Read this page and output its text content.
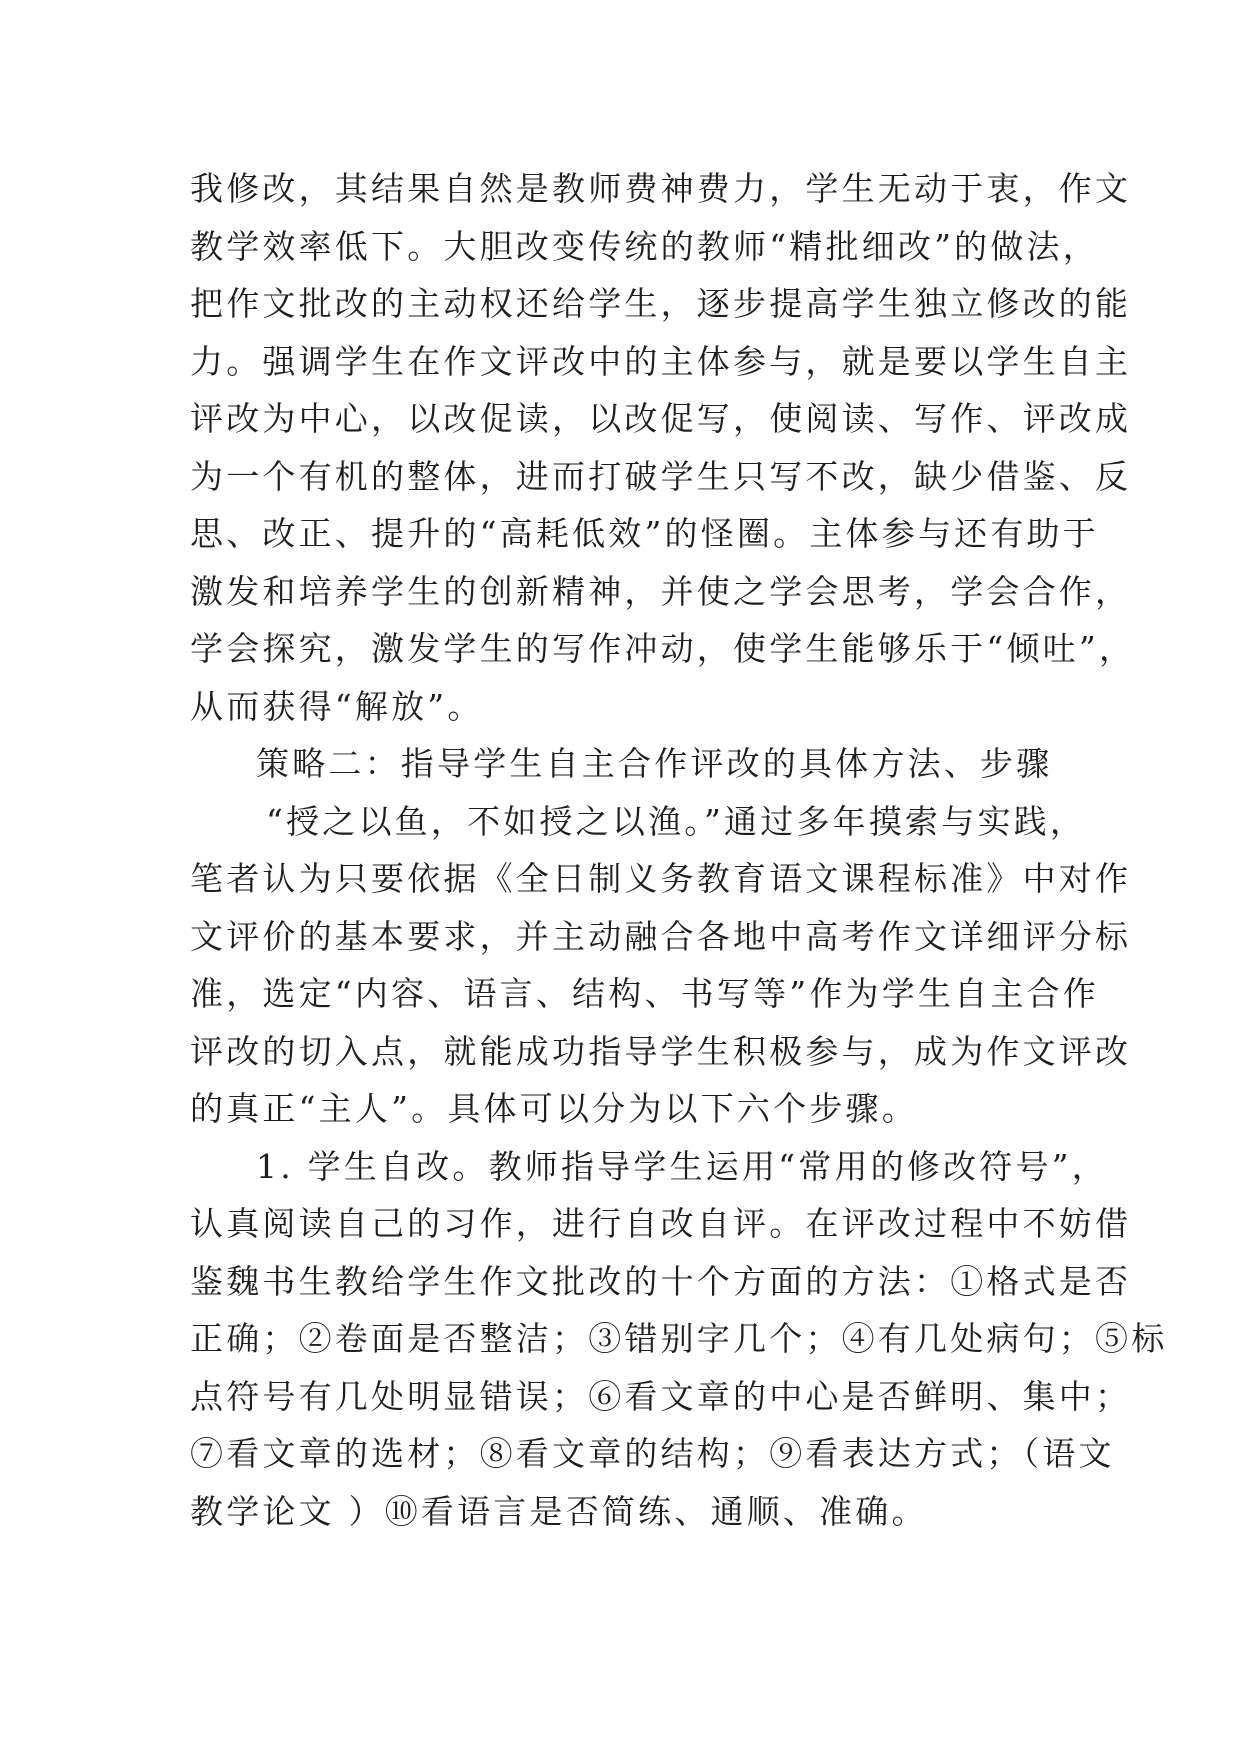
我修改，其结果自然是教师费神费力，学生无动于衷，作文
教学效率低下。大胆改变传统的教师“精批细改”的做法，
把作文批改的主动权还给学生，逐步提高学生独立修改的能
力。强调学生在作文评改中的主体参与，就是要以学生自主
评改为中心，以改促读，以改促写，使阅读、写作、评改成
为一个有机的整体，进而打破学生只写不改，缺少借鉴、反
思、改正、提升的“高耗低效”的怪圈。主体参与还有助于
激发和培养学生的创新精神，并使之学会思考，学会合作，
学会探究，激发学生的写作冲动，使学生能够乐于“倾吐”，
从而获得“解放”。
策略二：指导学生自主合作评改的具体方法、步骤
“授之以鱼，不如授之以渔。”通过多年摸索与实践，
笔者认为只要依据《全日制义务教育语文课程标准》中对作
文评价的基本要求，并主动融合各地中高考作文详细评分标
准，选定“内容、语言、结构、书写等”作为学生自主合作
评改的切入点，就能成功指导学生积极参与，成为作文评改
的真正“主人”。具体可以分为以下六个步骤。
1. 学生自改。教师指导学生运用“常用的修改符号”，
认真阅读自己的习作，进行自改自评。在评改过程中不妨借
鉴魏书生教给学生作文批改的十个方面的方法：①格式是否
正确；②卷面是否整洁；③错别字几个；④有几处病句；⑤标
点符号有几处明显错误；⑥看文章的中心是否鲜明、集中；
⑦看文章的选材；⑧看文章的结构；⑨看表达方式；（语文
教学论文 ）⑩看语言是否简练、通顺、准确。
